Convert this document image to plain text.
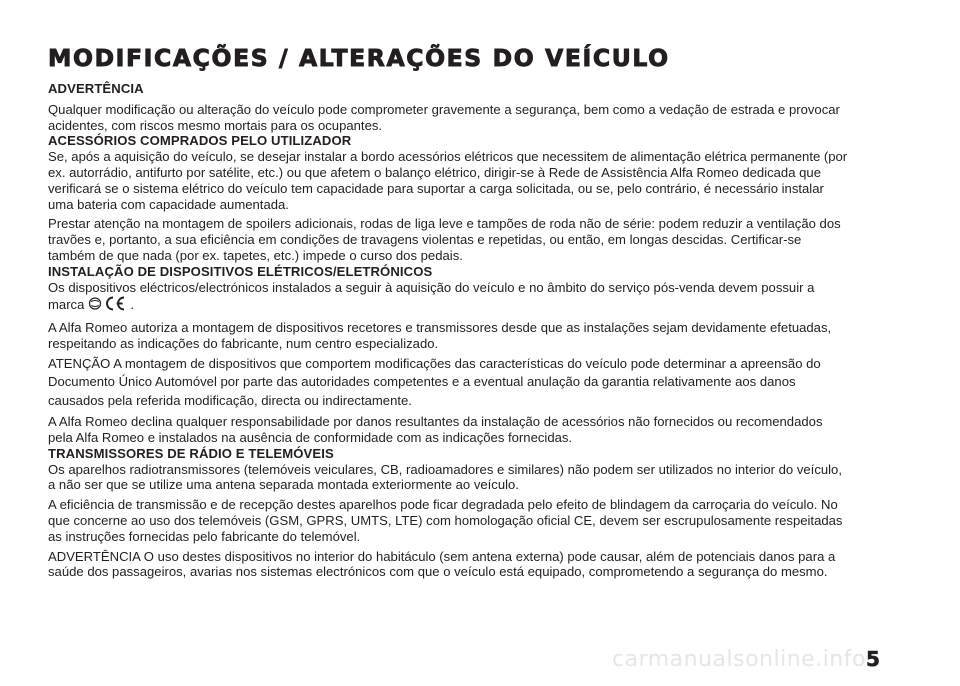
MODIFICAÇÕES / ALTERAÇÕES DO VEÍCULO

ADVERTÊNCIA

Qualquer modificação ou alteração do veículo pode comprometer gravemente a segurança, bem como a vedação de estrada e provocar acidentes, com riscos mesmo mortais para os ocupantes.

ACESSÓRIOS COMPRADOS PELO UTILIZADOR

Se, após a aquisição do veículo, se desejar instalar a bordo acessórios elétricos que necessitem de alimentação elétrica permanente (por ex. autorrádio, antifurto por satélite, etc.) ou que afetem o balanço elétrico, dirigir-se à Rede de Assistência Alfa Romeo dedicada que verificará se o sistema elétrico do veículo tem capacidade para suportar a carga solicitada, ou se, pelo contrário, é necessário instalar uma bateria com capacidade aumentada.

Prestar atenção na montagem de spoilers adicionais, rodas de liga leve e tampões de roda não de série: podem reduzir a ventilação dos travões e, portanto, a sua eficiência em condições de travagens violentas e repetidas, ou então, em longas descidas. Certificar-se também de que nada (por ex. tapetes, etc.) impede o curso dos pedais.

INSTALAÇÃO DE DISPOSITIVOS ELÉTRICOS/ELETRÓNICOS

Os dispositivos eléctricos/electrónicos instalados a seguir à aquisição do veículo e no âmbito do serviço pós-venda devem possuir a marca	.

A Alfa Romeo autoriza a montagem de dispositivos recetores e transmissores desde que as instalações sejam devidamente efetuadas, respeitando as indicações do fabricante, num centro especializado.

ATENÇÃO A montagem de dispositivos que comportem modificações das características do veículo pode determinar a apreensão do Documento Único Automóvel por parte das autoridades competentes e a eventual anulação da garantia relativamente aos danos causados pela referida modificação, directa ou indirectamente.

A Alfa Romeo declina qualquer responsabilidade por danos resultantes da instalação de acessórios não fornecidos ou recomendados pela Alfa Romeo e instalados na ausência de conformidade com as indicações fornecidas.

TRANSMISSORES DE RÁDIO E TELEMÓVEIS

Os aparelhos radiotransmissores (telemóveis veiculares, CB, radioamadores e similares) não podem ser utilizados no interior do veículo, a não ser que se utilize uma antena separada montada exteriormente ao veículo.

A eficiência de transmissão e de recepção destes aparelhos pode ficar degradada pelo efeito de blindagem da carroçaria do veículo. No que concerne ao uso dos telemóveis (GSM, GPRS, UMTS, LTE) com homologação oficial CE, devem ser escrupulosamente respeitadas as instruções fornecidas pelo fabricante do telemóvel.

ADVERTÊNCIA O uso destes dispositivos no interior do habitáculo (sem antena externa) pode causar, além de potenciais danos para a saúde dos passageiros, avarias nos sistemas electrónicos com que o veículo está equipado, comprometendo a segurança do mesmo.

carmanualsonline.info 5
